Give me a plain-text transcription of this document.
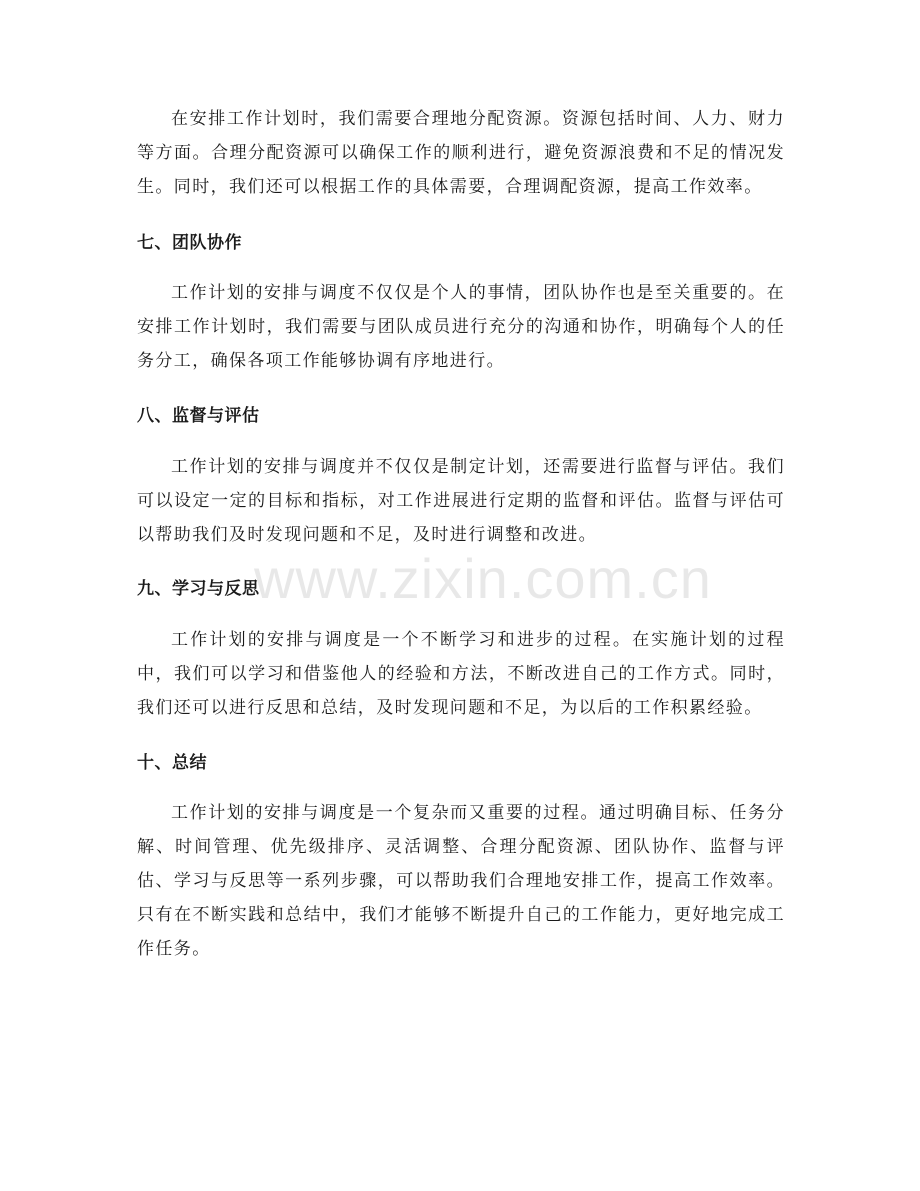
在安排工作计划时，我们需要合理地分配资源。资源包括时间、人力、财力等方面。合理分配资源可以确保工作的顺利进行，避免资源浪费和不足的情况发生。同时，我们还可以根据工作的具体需要，合理调配资源，提高工作效率。

七、团队协作

工作计划的安排与调度不仅仅是个人的事情，团队协作也是至关重要的。在安排工作计划时，我们需要与团队成员进行充分的沟通和协作，明确每个人的任务分工，确保各项工作能够协调有序地进行。

八、监督与评估

工作计划的安排与调度并不仅仅是制定计划，还需要进行监督与评估。我们可以设定一定的目标和指标，对工作进展进行定期的监督和评估。监督与评估可以帮助我们及时发现问题和不足，及时进行调整和改进。

九、学习与反思

工作计划的安排与调度是一个不断学习和进步的过程。在实施计划的过程中，我们可以学习和借鉴他人的经验和方法，不断改进自己的工作方式。同时，我们还可以进行反思和总结，及时发现问题和不足，为以后的工作积累经验。

十、总结

工作计划的安排与调度是一个复杂而又重要的过程。通过明确目标、任务分解、时间管理、优先级排序、灵活调整、合理分配资源、团队协作、监督与评估、学习与反思等一系列步骤，可以帮助我们合理地安排工作，提高工作效率。只有在不断实践和总结中，我们才能够不断提升自己的工作能力，更好地完成工作任务。

www.zixin.com.cn
